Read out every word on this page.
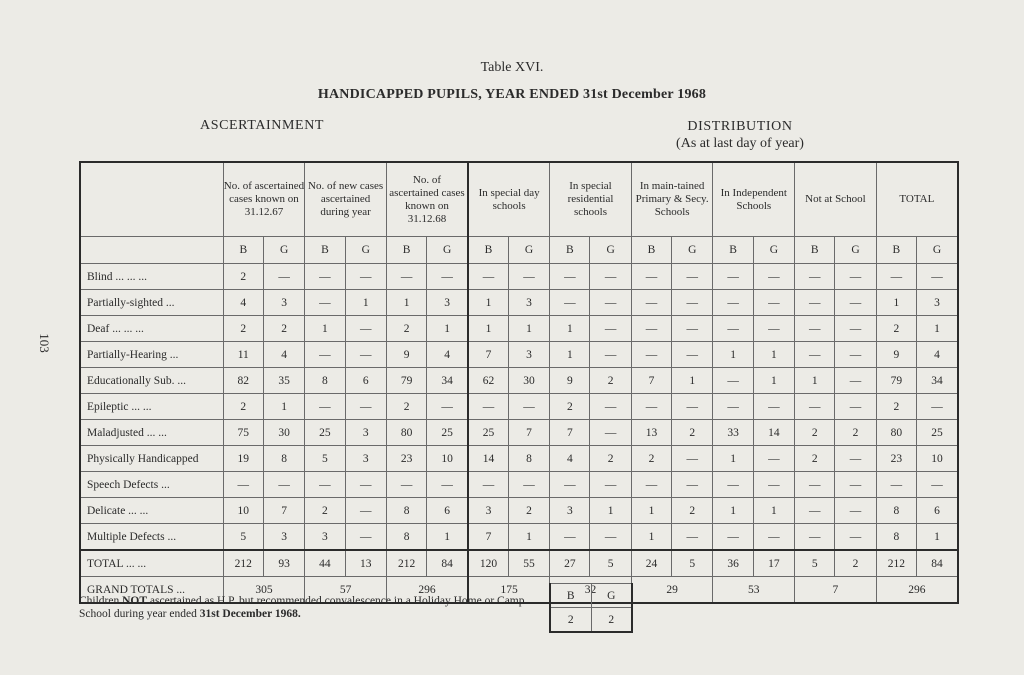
103
Table XVI.
HANDICAPPED PUPILS, YEAR ENDED 31st December 1968
ASCERTAINMENT	DISTRIBUTION
(As at last day of year)
	No. of ascertained cases known on 31.12.67		No. of new cases ascertained during year		No. of ascertained cases known on 31.12.68		In special day schools		In special residential schools		In main-tained Primary & Secy. Schools		In Independent Schools		Not at School		TOTAL	
	B	G	B	G	B	G	B	G	B	G	B	G	B	G	B	G	B	G
Blind ... ... ...	2	—	—	—	—	—	—	—	—	—	—	—	—	—	—	—	—	—
Partially-sighted ...	4	3	—	1	1	3	1	3	—	—	—	—	—	—	—	—	1	3
Deaf ... ... ...	2	2	1	—	2	1	1	1	1	—	—	—	—	—	—	—	2	1
Partially-Hearing ...	11	4	—	—	9	4	7	3	1	—	—	—	1	1	—	—	9	4
Educationally Sub. ...	82	35	8	6	79	34	62	30	9	2	7	1	—	1	1	—	79	34
Epileptic ... ...	2	1	—	—	2	—	—	—	2	—	—	—	—	—	—	—	2	—
Maladjusted ... ...	75	30	25	3	80	25	25	7	7	—	13	2	33	14	2	2	80	25
Physically Handicapped	19	8	5	3	23	10	14	8	4	2	2	—	1	—	2	—	23	10
Speech Defects ...	—	—	—	—	—	—	—	—	—	—	—	—	—	—	—	—	—	—
Delicate ... ...	10	7	2	—	8	6	3	2	3	1	1	2	1	1	—	—	8	6
Multiple Defects ...	5	3	3	—	8	1	7	1	—	—	1	—	—	—	—	—	8	1
TOTAL ... ...	212	93	44	13	212	84	120	55	27	5	24	5	36	17	5	2	212	84
GRAND TOTALS ...	305		57		296		175		32		29		53		7		296	
Children NOT ascertained as H.P. but recommended convalescence in a Holiday Home or Camp School during year ended 31st December 1968.
B	G
2	2
